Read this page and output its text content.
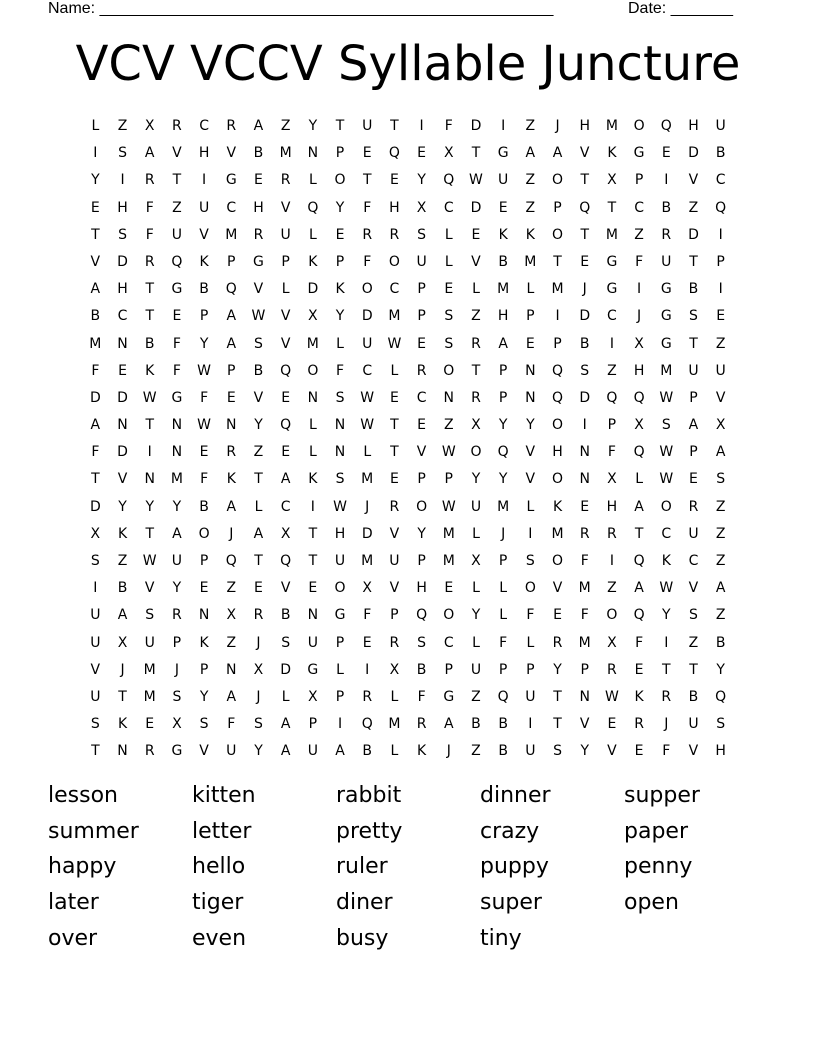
Name: ___________________________________________________	Date: _______
VCV VCCV Syllable Juncture
L	Z	X	R	C	R	A	Z	Y	T	U	T	I	F	D	I	Z	J	H	M	O	Q	H	U
I	S	A	V	H	V	B	M	N	P	E	Q	E	X	T	G	A	A	V	K	G	E	D	B
Y	I	R	T	I	G	E	R	L	O	T	E	Y	Q	W	U	Z	O	T	X	P	I	V	C
E	H	F	Z	U	C	H	V	Q	Y	F	H	X	C	D	E	Z	P	Q	T	C	B	Z	Q
T	S	F	U	V	M	R	U	L	E	R	R	S	L	E	K	K	O	T	M	Z	R	D	I
V	D	R	Q	K	P	G	P	K	P	F	O	U	L	V	B	M	T	E	G	F	U	T	P
A	H	T	G	B	Q	V	L	D	K	O	C	P	E	L	M	L	M	J	G	I	G	B	I
B	C	T	E	P	A	W	V	X	Y	D	M	P	S	Z	H	P	I	D	C	J	G	S	E
M	N	B	F	Y	A	S	V	M	L	U	W	E	S	R	A	E	P	B	I	X	G	T	Z
F	E	K	F	W	P	B	Q	O	F	C	L	R	O	T	P	N	Q	S	Z	H	M	U	U
D	D	W	G	F	E	V	E	N	S	W	E	C	N	R	P	N	Q	D	Q	Q	W	P	V
A	N	T	N	W	N	Y	Q	L	N	W	T	E	Z	X	Y	Y	O	I	P	X	S	A	X
F	D	I	N	E	R	Z	E	L	N	L	T	V	W	O	Q	V	H	N	F	Q	W	P	A
T	V	N	M	F	K	T	A	K	S	M	E	P	P	Y	Y	V	O	N	X	L	W	E	S
D	Y	Y	Y	B	A	L	C	I	W	J	R	O	W	U	M	L	K	E	H	A	O	R	Z
X	K	T	A	O	J	A	X	T	H	D	V	Y	M	L	J	I	M	R	R	T	C	U	Z
S	Z	W	U	P	Q	T	Q	T	U	M	U	P	M	X	P	S	O	F	I	Q	K	C	Z
I	B	V	Y	E	Z	E	V	E	O	X	V	H	E	L	L	O	V	M	Z	A	W	V	A
U	A	S	R	N	X	R	B	N	G	F	P	Q	O	Y	L	F	E	F	O	Q	Y	S	Z
U	X	U	P	K	Z	J	S	U	P	E	R	S	C	L	F	L	R	M	X	F	I	Z	B
V	J	M	J	P	N	X	D	G	L	I	X	B	P	U	P	P	Y	P	R	E	T	T	Y
U	T	M	S	Y	A	J	L	X	P	R	L	F	G	Z	Q	U	T	N	W	K	R	B	Q
S	K	E	X	S	F	S	A	P	I	Q	M	R	A	B	B	I	T	V	E	R	J	U	S
T	N	R	G	V	U	Y	A	U	A	B	L	K	J	Z	B	U	S	Y	V	E	F	V	H
lesson	kitten	rabbit	dinner	supper
summer	letter	pretty	crazy	paper
happy	hello	ruler	puppy	penny
later	tiger	diner	super	open
over	even	busy	tiny
